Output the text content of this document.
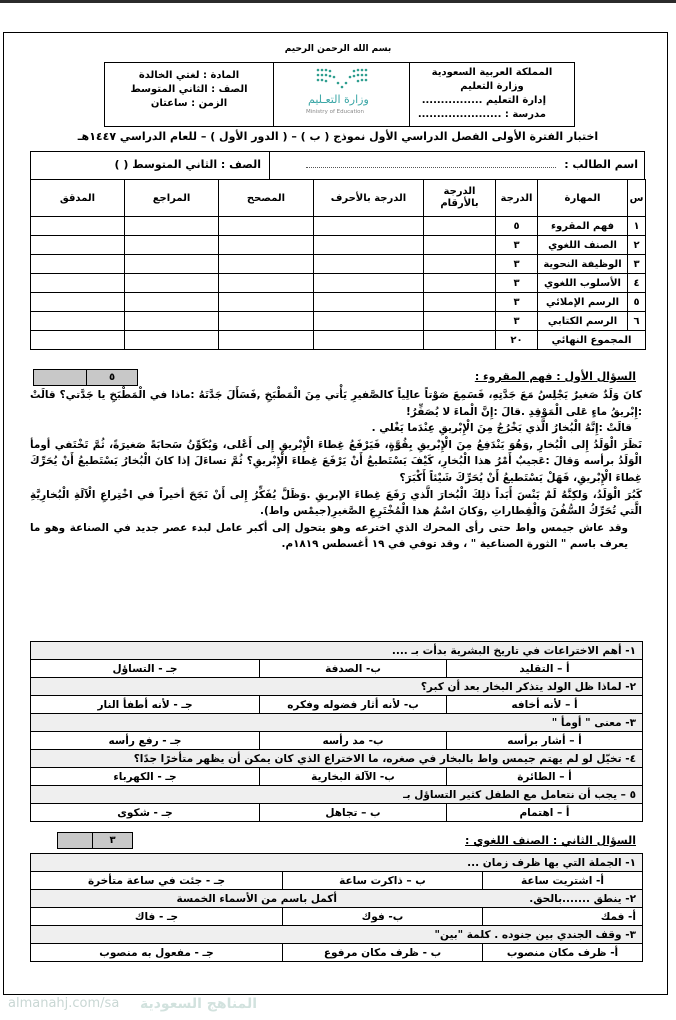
بسم الله الرحمن الرحيم
المملكة العربية السعودية
وزارة التعليم
إدارة التعليم ................
مدرسة : ......................
وزارة التعـليم
Ministry of Education
المادة : لغتي الخالدة
الصف : الثاني المتوسط
الزمن : ساعتان
اختبار الفترة الأولى الفصل الدراسي الأول نموذج ( ب ) – ( الدور الأول ) – للعام الدراسي ١٤٤٧هـ
اسم الطالب :
الصف : الثاني المتوسط ( )
س	المهارة	الدرجة	الدرجة بالأرقام	الدرجة بالأحرف	المصحح	المراجع	المدقق
١	فهم المقروء	٥					
٢	الصنف اللغوي	٣					
٣	الوظيفة النحوية	٣					
٤	الأسلوب اللغوي	٣					
٥	الرسم الإملائي	٣					
٦	الرسم الكتابي	٣					
المجموع النهائي		٢٠					
السؤال الأول : فهم المقروء :
٥

كانَ وَلَدٌ صَغيرٌ يَجْلِسُ مَعَ جَدَّتِهِ، فَسَمِعَ صَوْتاً عالِياً كالصَّفيرِ يَأْتي مِنَ الْمَطْبَخِ ,فَسَأَلَ جَدَّتَهُ :ماذا في الْمَطْبَخِ يا جَدَّتي؟ قالَتْ :إِبْريقُ ماءٍ عَلى الْمَوْقِدِ .قالَ :إِنَّ الْماءَ لا يُصَفِّرُ!

قالَتْ :إِنَّهُ الْبُخارُ الَّذي يَخْرُجُ مِنَ الْإِبْريقِ عِنْدَما يَغْلي .

نَظَرَ الْوَلَدُ إِلى الْبُخارِ ,وَهُوَ يَنْدَفِعُ مِنَ الْإِبْريقِ بِقُوَّةٍ، فَيَرْفَعُ غِطاءَ الْإِبْريقِ إِلى أَعْلى، وَيُكَوِّنُ سَحابَةً صَغيرَةً، ثُمَّ تَخْتَفي أومأ الْوَلَدُ برأسه وَقالَ :عَجيبٌ أَمْرُ هذا الْبُخارِ، كَيْفَ يَسْتَطيعُ أَنْ يَرْفَعَ غِطاءَ الْإِبْريقِ؟ ثُمَّ تساءَلَ إذا كانَ الْبُخارُ يَسْتَطيعُ أَنْ يُحَرِّكَ غِطاءَ الْإِبْريقِ، فَهَلْ يَسْتَطيعُ أَنْ يُحَرِّكَ شَيْئاً أَكْبَرَ؟

كَبُرَ الْوَلَدُ، وَلكِنَّهُ لَمْ يَنْسَ أَبَداً ذلِكَ الْبُخارَ الَّذي رَفَعَ غِطاءَ الإبريقِ .وَظَلَّ يُفَكِّرُ إِلى أَنْ نَجَحَ أخيراً في اخْتِراعِ الْآلَةِ الْبُخارِيَّةِ الَّتي تُحَرِّكُ السُّفُنَ وَالْقِطاراتِ ,وَكانَ اسْمُ هذا الْمُخْتَرِعِ الصَّغيرِ(جيمْس واط).

وقد عاش جيمس واط حتى رأى المحرك الذي اخترعه وهو يتحول إلى أكبر عامل لبدء عصر جديد في الصناعة وهو ما يعرف باسم " الثورة الصناعية " ، وقد توفي في ١٩ أغسطس ١٨١٩م.

١- أهم الاختراعات في تاريخ البشرية بدأت بـ ....		
أ – التقليد	ب- الصدفة	جـ - التساؤل
٢- لماذا ظل الولد يتذكر البخار بعد أن كبر؟		
أ – لأنه أخافه	ب- لأنه أثار فضوله وفكره	جـ - لأنه أطفأ النار
٣- معنى " أومأ "		
أ – أشار برأسه	ب- مد رأسه	جـ - رفع رأسه
٤- تخيّل لو لم يهتم جيمس واط بالبخار في صغره، ما الاختراع الذي كان يمكن أن يظهر متأخرًا جدًا؟		
أ – الطائرة	ب- الآلة البخارية	جـ - الكهرباء
٥ – يجب أن نتعامل مع الطفل كثير التساؤل بـ		
أ – اهتمام	ب – تجاهل	جـ - شكوى
السؤال الثاني : الصنف اللغوي :
٣
١- الجملة التي بها ظرف زمان ...		
أ- اشتريت ساعة	ب – ذاكرت ساعة	جـ - جئت في ساعة متأخرة
٢- ينطق .......بالحق.	أكمل باسم من الأسماء الخمسة	
أ- فمك	ب- فوك	جـ - فاك
٣- وقف الجندي بين جنوده . كلمة "بين"		
أ- ظرف مكان منصوب	ب - ظرف مكان مرفوع	جـ - مفعول به منصوب
almanahj.com/sa المناهج السعودية
